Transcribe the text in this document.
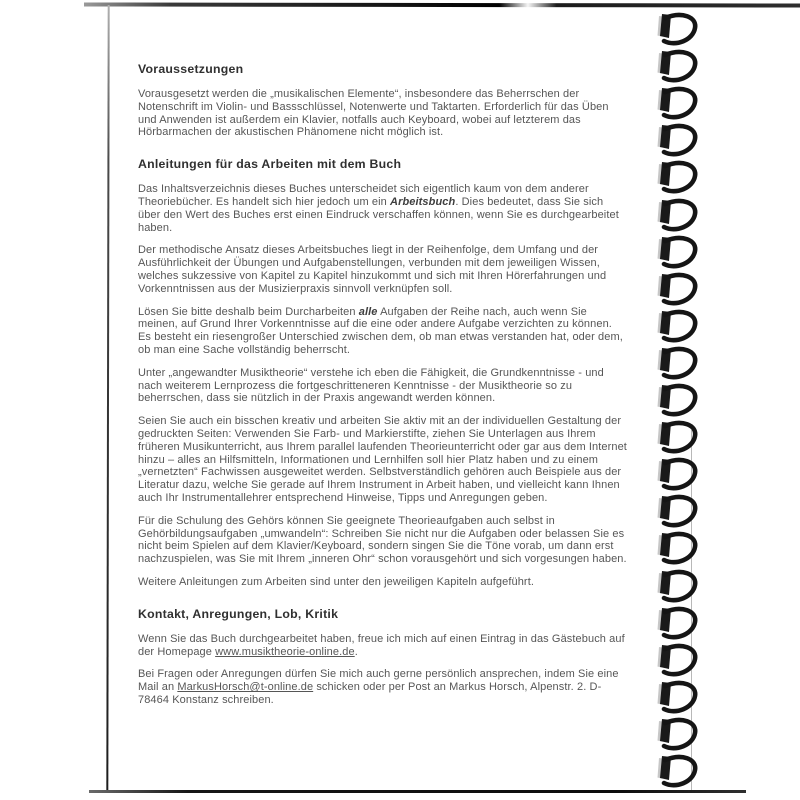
Voraussetzungen

Vorausgesetzt werden die „musikalischen Elemente“, insbesondere das Beherrschen der Notenschrift im Violin- und Bassschlüssel, Notenwerte und Taktarten. Erforderlich für das Üben und Anwenden ist außerdem ein Klavier, notfalls auch Keyboard, wobei auf letzterem das Hörbarmachen der akustischen Phänomene nicht möglich ist.

Anleitungen für das Arbeiten mit dem Buch

Das Inhaltsverzeichnis dieses Buches unterscheidet sich eigentlich kaum von dem anderer Theoriebücher. Es handelt sich hier jedoch um ein Arbeitsbuch. Dies bedeutet, dass Sie sich über den Wert des Buches erst einen Eindruck verschaffen können, wenn Sie es durchgearbeitet haben.

Der methodische Ansatz dieses Arbeitsbuches liegt in der Reihenfolge, dem Umfang und der Ausführlichkeit der Übungen und Aufgabenstellungen, verbunden mit dem jeweiligen Wissen, welches sukzessive von Kapitel zu Kapitel hinzukommt und sich mit Ihren Hörerfahrungen und Vorkenntnissen aus der Musizierpraxis sinnvoll verknüpfen soll.

Lösen Sie bitte deshalb beim Durcharbeiten alle Aufgaben der Reihe nach, auch wenn Sie meinen, auf Grund Ihrer Vorkenntnisse auf die eine oder andere Aufgabe verzichten zu können. Es besteht ein riesengroßer Unterschied zwischen dem, ob man etwas verstanden hat, oder dem, ob man eine Sache vollständig beherrscht.

Unter „angewandter Musiktheorie“ verstehe ich eben die Fähigkeit, die Grundkenntnisse - und nach weiterem Lernprozess die fortgeschritteneren Kenntnisse - der Musiktheorie so zu beherrschen, dass sie nützlich in der Praxis angewandt werden können.

Seien Sie auch ein bisschen kreativ und arbeiten Sie aktiv mit an der individuellen Gestaltung der gedruckten Seiten: Verwenden Sie Farb- und Markierstifte, ziehen Sie Unterlagen aus Ihrem früheren Musikunterricht, aus Ihrem parallel laufenden Theorieunterricht oder gar aus dem Internet hinzu – alles an Hilfsmitteln, Informationen und Lernhilfen soll hier Platz haben und zu einem „vernetzten“ Fachwissen ausgeweitet werden. Selbstverständlich gehören auch Beispiele aus der Literatur dazu, welche Sie gerade auf Ihrem Instrument in Arbeit haben, und vielleicht kann Ihnen auch Ihr Instrumentallehrer entsprechend Hinweise, Tipps und Anregungen geben.

Für die Schulung des Gehörs können Sie geeignete Theorieaufgaben auch selbst in Gehörbildungsaufgaben „umwandeln“: Schreiben Sie nicht nur die Aufgaben oder belassen Sie es nicht beim Spielen auf dem Klavier/Keyboard, sondern singen Sie die Töne vorab, um dann erst nachzuspielen, was Sie mit Ihrem „inneren Ohr“ schon vorausgehört und sich vorgesungen haben.

Weitere Anleitungen zum Arbeiten sind unter den jeweiligen Kapiteln aufgeführt.

Kontakt, Anregungen, Lob, Kritik

Wenn Sie das Buch durchgearbeitet haben, freue ich mich auf einen Eintrag in das Gästebuch auf der Homepage www.musiktheorie-online.de.

Bei Fragen oder Anregungen dürfen Sie mich auch gerne persönlich ansprechen, indem Sie eine Mail an MarkusHorsch@t-online.de schicken oder per Post an Markus Horsch, Alpenstr. 2. D-78464 Konstanz schreiben.
